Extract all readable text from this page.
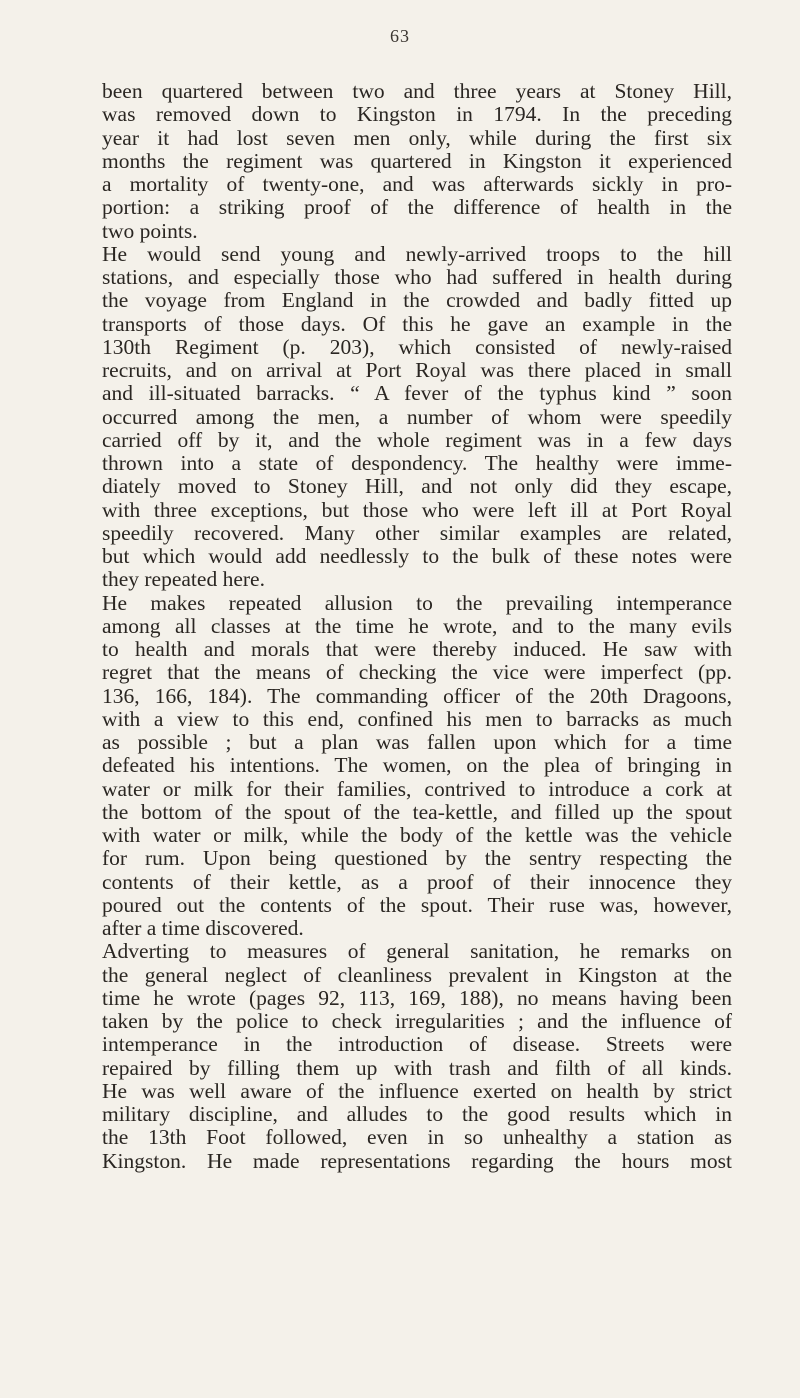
63
been quartered between two and three years at Stoney Hill,
was removed down to Kingston in 1794. In the preceding
year it had lost seven men only, while during the first six
months the regiment was quartered in Kingston it experienced
a mortality of twenty-one, and was afterwards sickly in pro-
portion: a striking proof of the difference of health in the
two points.
He would send young and newly-arrived troops to the hill
stations, and especially those who had suffered in health during
the voyage from England in the crowded and badly fitted up
transports of those days. Of this he gave an example in the
130th Regiment (p. 203), which consisted of newly-raised
recruits, and on arrival at Port Royal was there placed in small
and ill-situated barracks. “ A fever of the typhus kind ” soon
occurred among the men, a number of whom were speedily
carried off by it, and the whole regiment was in a few days
thrown into a state of despondency. The healthy were imme-
diately moved to Stoney Hill, and not only did they escape,
with three exceptions, but those who were left ill at Port Royal
speedily recovered. Many other similar examples are related,
but which would add needlessly to the bulk of these notes were
they repeated here.
He makes repeated allusion to the prevailing intemperance
among all classes at the time he wrote, and to the many evils
to health and morals that were thereby induced. He saw with
regret that the means of checking the vice were imperfect (pp.
136, 166, 184). The commanding officer of the 20th Dragoons,
with a view to this end, confined his men to barracks as much
as possible ; but a plan was fallen upon which for a time
defeated his intentions. The women, on the plea of bringing in
water or milk for their families, contrived to introduce a cork at
the bottom of the spout of the tea-kettle, and filled up the spout
with water or milk, while the body of the kettle was the vehicle
for rum. Upon being questioned by the sentry respecting the
contents of their kettle, as a proof of their innocence they
poured out the contents of the spout. Their ruse was, however,
after a time discovered.
Adverting to measures of general sanitation, he remarks on
the general neglect of cleanliness prevalent in Kingston at the
time he wrote (pages 92, 113, 169, 188), no means having been
taken by the police to check irregularities ; and the influence of
intemperance in the introduction of disease. Streets were
repaired by filling them up with trash and filth of all kinds.
He was well aware of the influence exerted on health by strict
military discipline, and alludes to the good results which in
the 13th Foot followed, even in so unhealthy a station as
Kingston. He made representations regarding the hours most
